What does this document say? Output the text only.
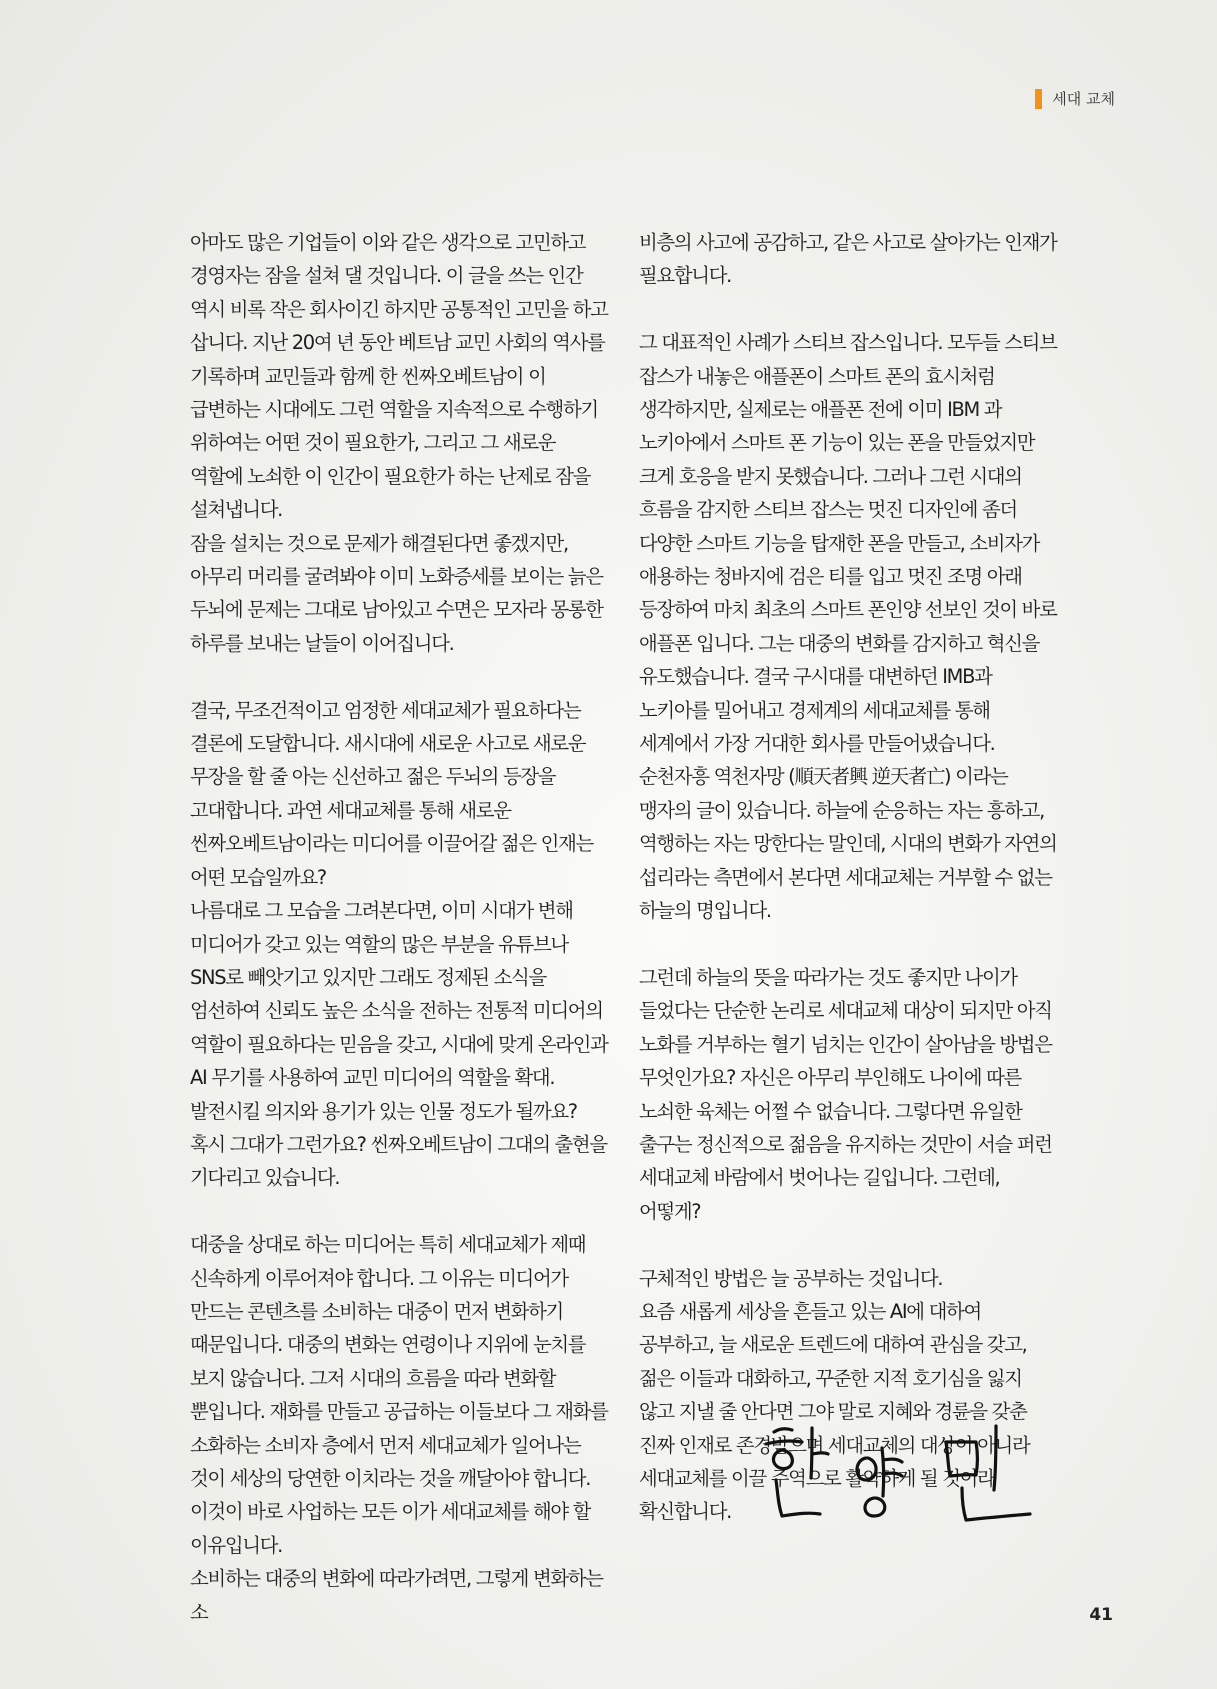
세대 교체

아마도 많은 기업들이 이와 같은 생각으로 고민하고 경영자는 잠을 설쳐 댈 것입니다. 이 글을 쓰는 인간 역시 비록 작은 회사이긴 하지만 공통적인 고민을 하고 삽니다. 지난 20여 년 동안 베트남 교민 사회의 역사를 기록하며 교민들과 함께 한 씬짜오베트남이 이 급변하는 시대에도 그런 역할을 지속적으로 수행하기 위하여는 어떤 것이 필요한가, 그리고 그 새로운 역할에 노쇠한 이 인간이 필요한가 하는 난제로 잠을 설쳐냅니다.

잠을 설치는 것으로 문제가 해결된다면 좋겠지만, 아무리 머리를 굴려봐야 이미 노화증세를 보이는 늙은 두뇌에 문제는 그대로 남아있고 수면은 모자라 몽롱한 하루를 보내는 날들이 이어집니다.

결국, 무조건적이고 엄정한 세대교체가 필요하다는 결론에 도달합니다. 새시대에 새로운 사고로 새로운 무장을 할 줄 아는 신선하고 젊은 두뇌의 등장을 고대합니다. 과연 세대교체를 통해 새로운 씬짜오베트남이라는 미디어를 이끌어갈 젊은 인재는 어떤 모습일까요?

나름대로 그 모습을 그려본다면, 이미 시대가 변해 미디어가 갖고 있는 역할의 많은 부분을 유튜브나 SNS로 빼앗기고 있지만 그래도 정제된 소식을 엄선하여 신뢰도 높은 소식을 전하는 전통적 미디어의 역할이 필요하다는 믿음을 갖고, 시대에 맞게 온라인과 AI 무기를 사용하여 교민 미디어의 역할을 확대. 발전시킬 의지와 용기가 있는 인물 정도가 될까요?

혹시 그대가 그런가요? 씬짜오베트남이 그대의 출현을 기다리고 있습니다.

대중을 상대로 하는 미디어는 특히 세대교체가 제때 신속하게 이루어져야 합니다. 그 이유는 미디어가 만드는 콘텐츠를 소비하는 대중이 먼저 변화하기 때문입니다. 대중의 변화는 연령이나 지위에 눈치를 보지 않습니다. 그저 시대의 흐름을 따라 변화할 뿐입니다. 재화를 만들고 공급하는 이들보다 그 재화를 소화하는 소비자 층에서 먼저 세대교체가 일어나는 것이 세상의 당연한 이치라는 것을 깨달아야 합니다.

이것이 바로 사업하는 모든 이가 세대교체를 해야 할 이유입니다.

소비하는 대중의 변화에 따라가려면, 그렇게 변화하는 소

비층의 사고에 공감하고, 같은 사고로 살아가는 인재가 필요합니다.

그 대표적인 사례가 스티브 잡스입니다. 모두들 스티브 잡스가 내놓은 애플폰이 스마트 폰의 효시처럼 생각하지만, 실제로는 애플폰 전에 이미 IBM 과 노키아에서 스마트 폰 기능이 있는 폰을 만들었지만 크게 호응을 받지 못했습니다. 그러나 그런 시대의 흐름을 감지한 스티브 잡스는 멋진 디자인에 좀더 다양한 스마트 기능을 탑재한 폰을 만들고, 소비자가 애용하는 청바지에 검은 티를 입고 멋진 조명 아래 등장하여 마치 최초의 스마트 폰인양 선보인 것이 바로 애플폰 입니다. 그는 대중의 변화를 감지하고 혁신을 유도했습니다. 결국 구시대를 대변하던 IMB과 노키아를 밀어내고 경제계의 세대교체를 통해 세계에서 가장 거대한 회사를 만들어냈습니다.

순천자흥 역천자망 (順天者興 逆天者亡) 이라는 맹자의 글이 있습니다. 하늘에 순응하는 자는 흥하고, 역행하는 자는 망한다는 말인데, 시대의 변화가 자연의 섭리라는 측면에서 본다면 세대교체는 거부할 수 없는 하늘의 명입니다.

그런데 하늘의 뜻을 따라가는 것도 좋지만 나이가 들었다는 단순한 논리로 세대교체 대상이 되지만 아직 노화를 거부하는 혈기 넘치는 인간이 살아남을 방법은 무엇인가요? 자신은 아무리 부인해도 나이에 따른 노쇠한 육체는 어쩔 수 없습니다. 그렇다면 유일한 출구는 정신적으로 젊음을 유지하는 것만이 서슬 퍼런 세대교체 바람에서 벗어나는 길입니다. 그런데, 어떻게?

구체적인 방법은 늘 공부하는 것입니다.

요즘 새롭게 세상을 흔들고 있는 AI에 대하여 공부하고, 늘 새로운 트렌드에 대하여 관심을 갖고, 젊은 이들과 대화하고, 꾸준한 지적 호기심을 잃지 않고 지낼 줄 안다면 그야 말로 지혜와 경륜을 갖춘 진짜 인재로 존경받으며 세대교체의 대상이 아니라 세대교체를 이끌 주역으로 활약하게 될 것이라 확신합니다.

41
